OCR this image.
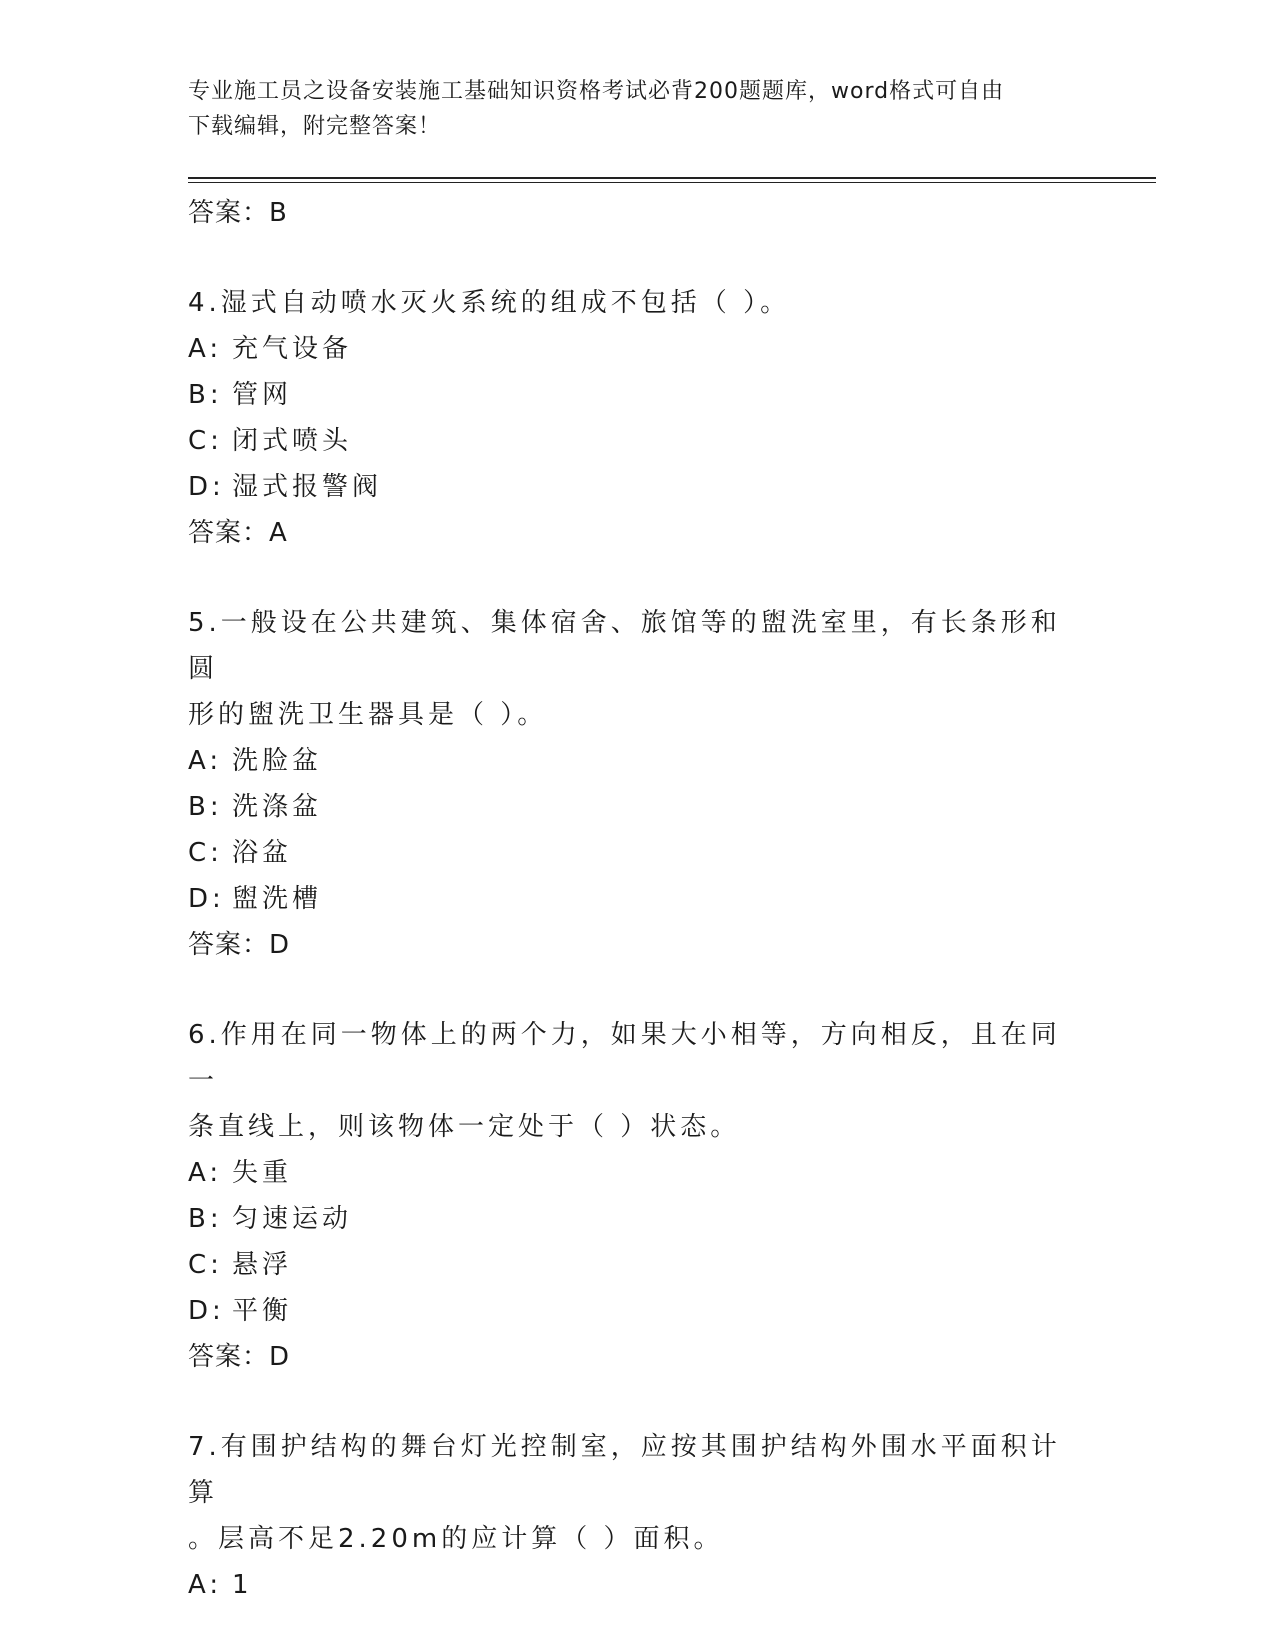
专业施工员之设备安装施工基础知识资格考试必背200题题库，word格式可自由
下载编辑，附完整答案！
答案：B
4.湿式自动喷水灭火系统的组成不包括（ ）。
A: 充气设备
B: 管网
C: 闭式喷头
D: 湿式报警阀
答案：A
5.一般设在公共建筑、集体宿舍、旅馆等的盥洗室里，有长条形和圆
形的盥洗卫生器具是（ ）。
A: 洗脸盆
B: 洗涤盆
C: 浴盆
D: 盥洗槽
答案：D
6.作用在同一物体上的两个力，如果大小相等，方向相反，且在同一
条直线上，则该物体一定处于（ ）状态。
A: 失重
B: 匀速运动
C: 悬浮
D: 平衡
答案：D
7.有围护结构的舞台灯光控制室，应按其围护结构外围水平面积计算
。层高不足2.20m的应计算（ ）面积。
A: 1
